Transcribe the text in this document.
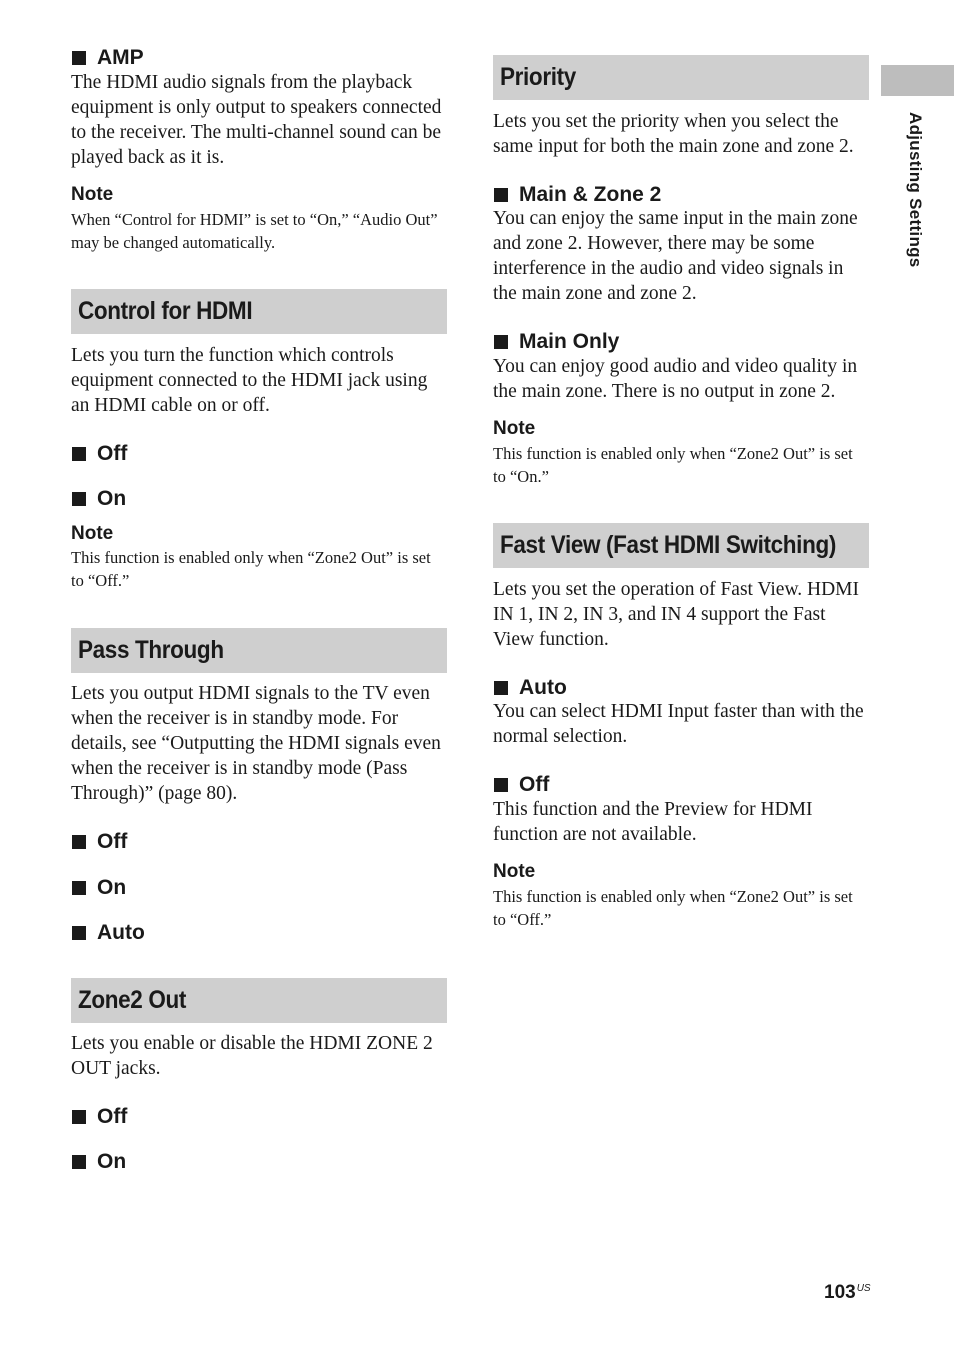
Adjusting Settings
AMP
The HDMI audio signals from the playback equipment is only output to speakers connected to the receiver. The multi-channel sound can be played back as it is.
Note
When “Control for HDMI” is set to “On,” “Audio Out” may be changed automatically.
Control for HDMI
Lets you turn the function which controls equipment connected to the HDMI jack using an HDMI cable on or off.
Off
On
Note
This function is enabled only when “Zone2 Out” is set to “Off.”
Pass Through
Lets you output HDMI signals to the TV even when the receiver is in standby mode. For details, see “Outputting the HDMI signals even when the receiver is in standby mode (Pass Through)” (page 80).
Off
On
Auto
Zone2 Out
Lets you enable or disable the HDMI ZONE 2 OUT jacks.
Off
On
Priority
Lets you set the priority when you select the same input for both the main zone and zone 2.
Main & Zone 2
You can enjoy the same input in the main zone and zone 2. However, there may be some interference in the audio and video signals in the main zone and zone 2.
Main Only
You can enjoy good audio and video quality in the main zone. There is no output in zone 2.
Note
This function is enabled only when “Zone2 Out” is set to “On.”
Fast View (Fast HDMI Switching)
Lets you set the operation of Fast View. HDMI IN 1, IN 2, IN 3, and IN 4 support the Fast View function.
Auto
You can select HDMI Input faster than with the normal selection.
Off
This function and the Preview for HDMI function are not available.
Note
This function is enabled only when “Zone2 Out” is set to “Off.”
$103^{US}$
